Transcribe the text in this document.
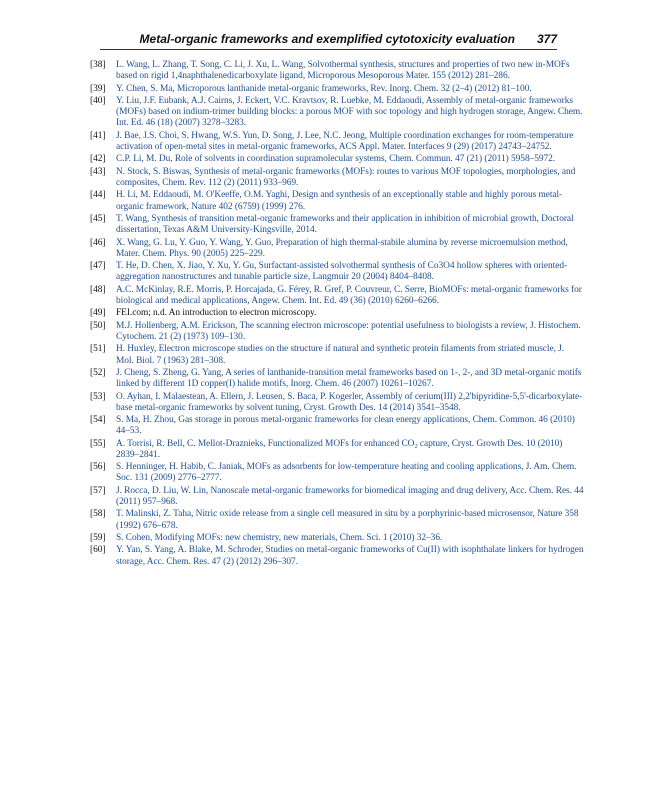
Metal-organic frameworks and exemplified cytotoxicity evaluation 377
[38] L. Wang, L. Zhang, T. Song, C. Li, J. Xu, L. Wang, Solvothermal synthesis, structures and properties of two new in-MOFs based on rigid 1,4naphthalenedicarboxylate ligand, Microporous Mesoporous Mater. 155 (2012) 281–286.
[39] Y. Chen, S. Ma, Microporous lanthanide metal-organic frameworks, Rev. Inorg. Chem. 32 (2–4) (2012) 81–100.
[40] Y. Liu, J.F. Eubank, A.J. Cairns, J. Eckert, V.C. Kravtsov, R. Luebke, M. Eddaoudi, Assembly of metal-organic frameworks (MOFs) based on indium-trimer building blocks: a porous MOF with soc topology and high hydrogen storage, Angew. Chem. Int. Ed. 46 (18) (2007) 3278–3283.
[41] J. Bae, J.S. Choi, S. Hwang, W.S. Yun, D. Song, J. Lee, N.C. Jeong, Multiple coordination exchanges for room-temperature activation of open-metal sites in metal-organic frameworks, ACS Appl. Mater. Interfaces 9 (29) (2017) 24743–24752.
[42] C.P. Li, M. Du, Role of solvents in coordination supramolecular systems, Chem. Commun. 47 (21) (2011) 5958–5972.
[43] N. Stock, S. Biswas, Synthesis of metal-organic frameworks (MOFs): routes to various MOF topologies, morphologies, and composites, Chem. Rev. 112 (2) (2011) 933–969.
[44] H. Li, M. Eddaoudi, M. O'Keeffe, O.M. Yaghi, Design and synthesis of an exceptionally stable and highly porous metal-organic framework, Nature 402 (6759) (1999) 276.
[45] T. Wang, Synthesis of transition metal-organic frameworks and their application in inhibition of microbial growth, Doctoral dissertation, Texas A&M University-Kingsville, 2014.
[46] X. Wang, G. Lu, Y. Guo, Y. Wang, Y. Guo, Preparation of high thermal-stabile alumina by reverse microemulsion method, Mater. Chem. Phys. 90 (2005) 225–229.
[47] T. He, D. Chen, X. Jiao, Y. Xu, Y. Gu, Surfactant-assisted solvothermal synthesis of Co3O4 hollow spheres with oriented-aggregation nanostructures and tunable particle size, Langmuir 20 (2004) 8404–8408.
[48] A.C. McKinlay, R.E. Morris, P. Horcajada, G. Férey, R. Gref, P. Couvreur, C. Serre, BioMOFs: metal-organic frameworks for biological and medical applications, Angew. Chem. Int. Ed. 49 (36) (2010) 6260–6266.
[49] FEI.com; n.d. An introduction to electron microscopy.
[50] M.J. Hollenberg, A.M. Erickson, The scanning electron microscope: potential usefulness to biologists a review, J. Histochem. Cytochem. 21 (2) (1973) 109–130.
[51] H. Huxley, Electron microscope studies on the structure if natural and synthetic protein filaments from striated muscle, J. Mol. Biol. 7 (1963) 281–308.
[52] J. Cheng, S. Zheng, G. Yang, A series of lanthanide-transition metal frameworks based on 1-, 2-, and 3D metal-organic motifs linked by different 1D copper(I) halide motifs, Inorg. Chem. 46 (2007) 10261–10267.
[53] O. Ayhan, I. Malaestean, A. Ellern, J. Leusen, S. Baca, P. Kogerler, Assembly of cerium(III) 2,2'bipyridine-5,5'-dicarboxylate-base metal-organic frameworks by solvent tuning, Cryst. Growth Des. 14 (2014) 3541–3548.
[54] S. Ma, H. Zhou, Gas storage in porous metal-organic frameworks for clean energy applications, Chem. Common. 46 (2010) 44–53.
[55] A. Torrisi, R. Bell, C. Mellot-Draznieks, Functionalized MOFs for enhanced CO₂ capture, Cryst. Growth Des. 10 (2010) 2839–2841.
[56] S. Henninger, H. Habib, C. Janiak, MOFs as adsorbents for low-temperature heating and cooling applications, J. Am. Chem. Soc. 131 (2009) 2776–2777.
[57] J. Rocca, D. Liu, W. Lin, Nanoscale metal-organic frameworks for biomedical imaging and drug delivery, Acc. Chem. Res. 44 (2011) 957–968.
[58] T. Malinski, Z. Taha, Nitric oxide release from a single cell measured in situ by a porphyrinic-based microsensor, Nature 358 (1992) 676–678.
[59] S. Cohen, Modifying MOFs: new chemistry, new materials, Chem. Sci. 1 (2010) 32–36.
[60] Y. Yan, S. Yang, A. Blake, M. Schroder, Studies on metal-organic frameworks of Cu(II) with isophthalate linkers for hydrogen storage, Acc. Chem. Res. 47 (2) (2012) 296–307.
